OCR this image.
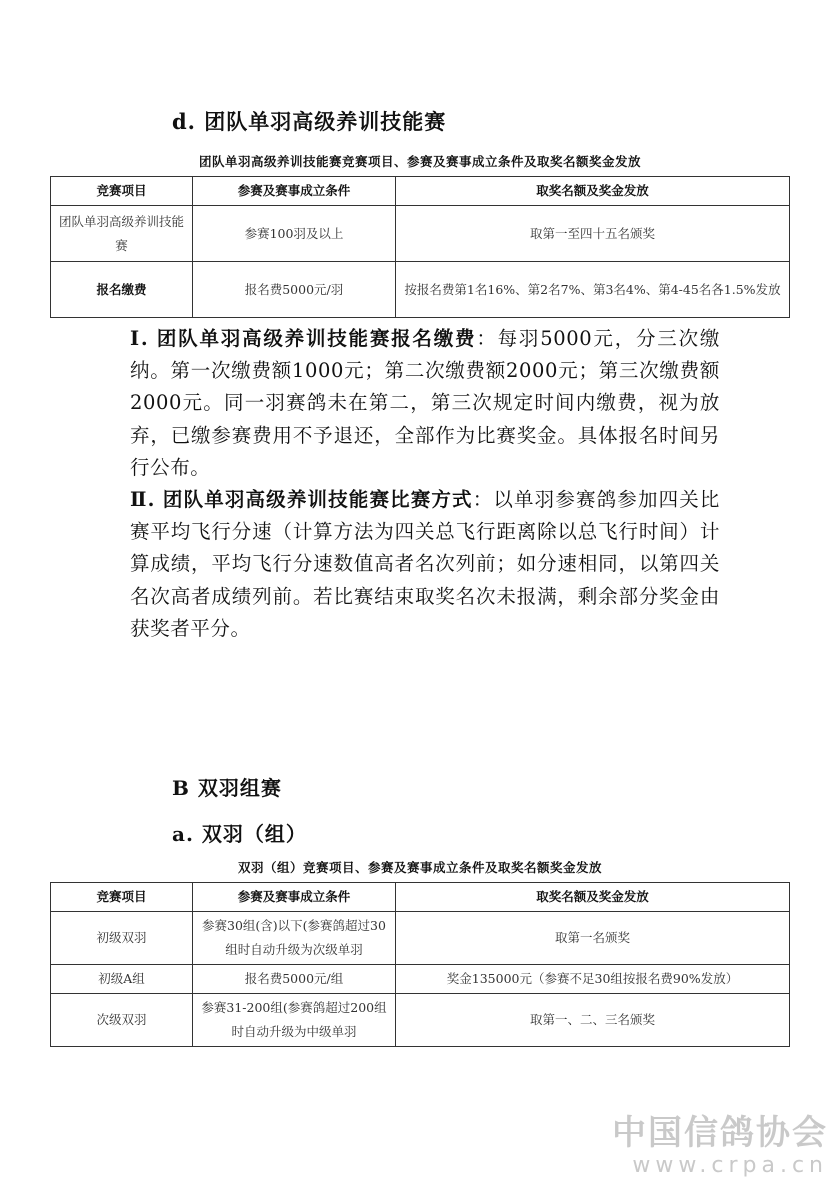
d. 团队单羽高级养训技能赛
团队单羽高级养训技能赛竞赛项目、参赛及赛事成立条件及取奖名额奖金发放
竞赛项目	参赛及赛事成立条件	取奖名额及奖金发放
团队单羽高级养训技能赛	参赛100羽及以上	取第一至四十五名颁奖
报名缴费	报名费5000元/羽	按报名费第1名16%、第2名7%、第3名4%、第4-45名各1.5%发放

Ⅰ. 团队单羽高级养训技能赛报名缴费：每羽5000元，分三次缴纳。第一次缴费额1000元；第二次缴费额2000元；第三次缴费额2000元。同一羽赛鸽未在第二，第三次规定时间内缴费，视为放弃，已缴参赛费用不予退还，全部作为比赛奖金。具体报名时间另行公布。

Ⅱ. 团队单羽高级养训技能赛比赛方式：以单羽参赛鸽参加四关比赛平均飞行分速（计算方法为四关总飞行距离除以总飞行时间）计算成绩，平均飞行分速数值高者名次列前；如分速相同，以第四关名次高者成绩列前。若比赛结束取奖名次未报满，剩余部分奖金由获奖者平分。

B 双羽组赛
a. 双羽（组）
双羽（组）竞赛项目、参赛及赛事成立条件及取奖名额奖金发放
竞赛项目	参赛及赛事成立条件	取奖名额及奖金发放
初级双羽	参赛30组(含)以下(参赛鸽超过30组时自动升级为次级单羽	取第一名颁奖
初级A组	报名费5000元/组	奖金135000元（参赛不足30组按报名费90%发放）
次级双羽	参赛31-200组(参赛鸽超过200组时自动升级为中级单羽	取第一、二、三名颁奖
中国信鸽协会
www.crpa.cn
